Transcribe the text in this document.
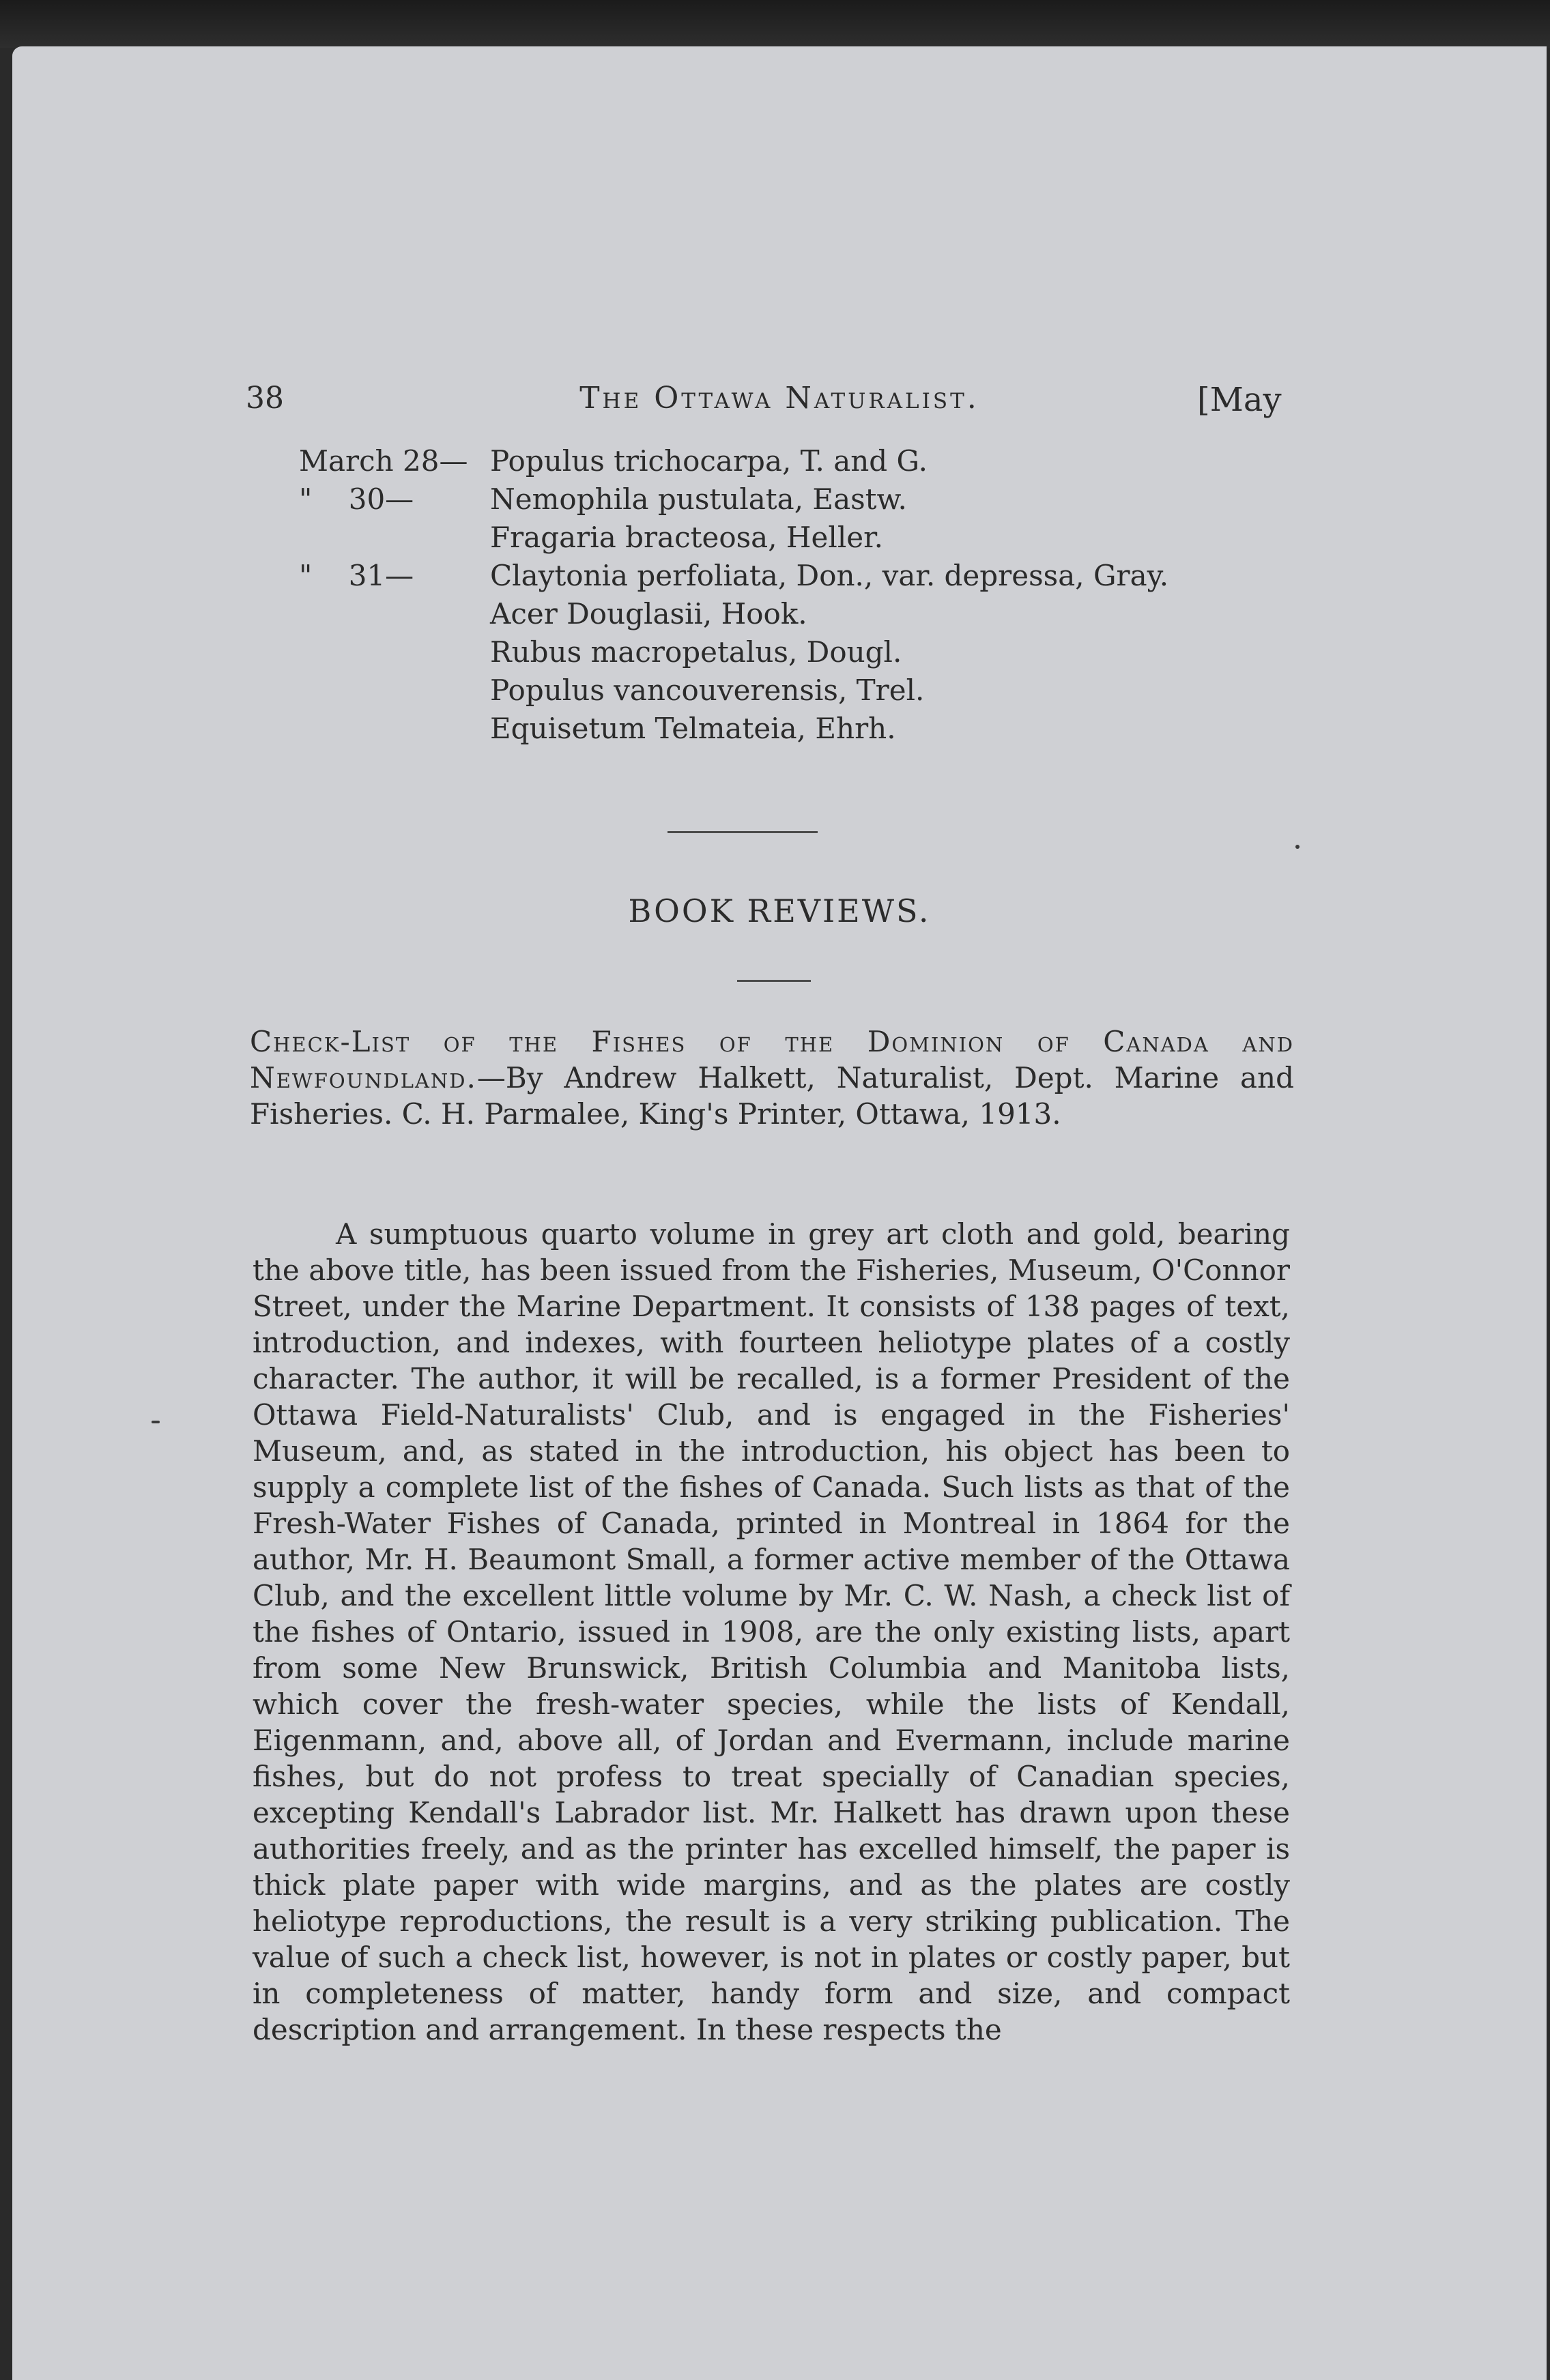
38	The Ottawa Naturalist.	[May
March 28— Populus trichocarpa, T. and G.
"    30—	Nemophila pustulata, Eastw.
Fragaria bracteosa, Heller.
"    31—	Claytonia perfoliata, Don., var. depressa, Gray.
Acer Douglasii, Hook.
Rubus macropetalus, Dougl.
Populus vancouverensis, Trel.
Equisetum Telmateia, Ehrh.
BOOK REVIEWS.
Check-List of the Fishes of the Dominion of Canada and Newfoundland.—By Andrew Halkett, Naturalist, Dept. Marine and Fisheries. C. H. Parmalee, King's Printer, Ottawa, 1913.

A sumptuous quarto volume in grey art cloth and gold, bearing the above title, has been issued from the Fisheries, Museum, O'Connor Street, under the Marine Department. It consists of 138 pages of text, introduction, and indexes, with fourteen heliotype plates of a costly character. The author, it will be recalled, is a former President of the Ottawa Field-Naturalists' Club, and is engaged in the Fisheries' Museum, and, as stated in the introduction, his object has been to supply a complete list of the fishes of Canada. Such lists as that of the Fresh-Water Fishes of Canada, printed in Montreal in 1864 for the author, Mr. H. Beaumont Small, a former active member of the Ottawa Club, and the excellent little volume by Mr. C. W. Nash, a check list of the fishes of Ontario, issued in 1908, are the only existing lists, apart from some New Brunswick, British Columbia and Manitoba lists, which cover the fresh-water species, while the lists of Kendall, Eigenmann, and, above all, of Jordan and Evermann, include marine fishes, but do not profess to treat specially of Canadian species, excepting Kendall's Labrador list. Mr. Halkett has drawn upon these authorities freely, and as the printer has excelled himself, the paper is thick plate paper with wide margins, and as the plates are costly heliotype reproductions, the result is a very striking publication. The value of such a check list, however, is not in plates or costly paper, but in completeness of matter, handy form and size, and compact description and arrangement. In these respects the
